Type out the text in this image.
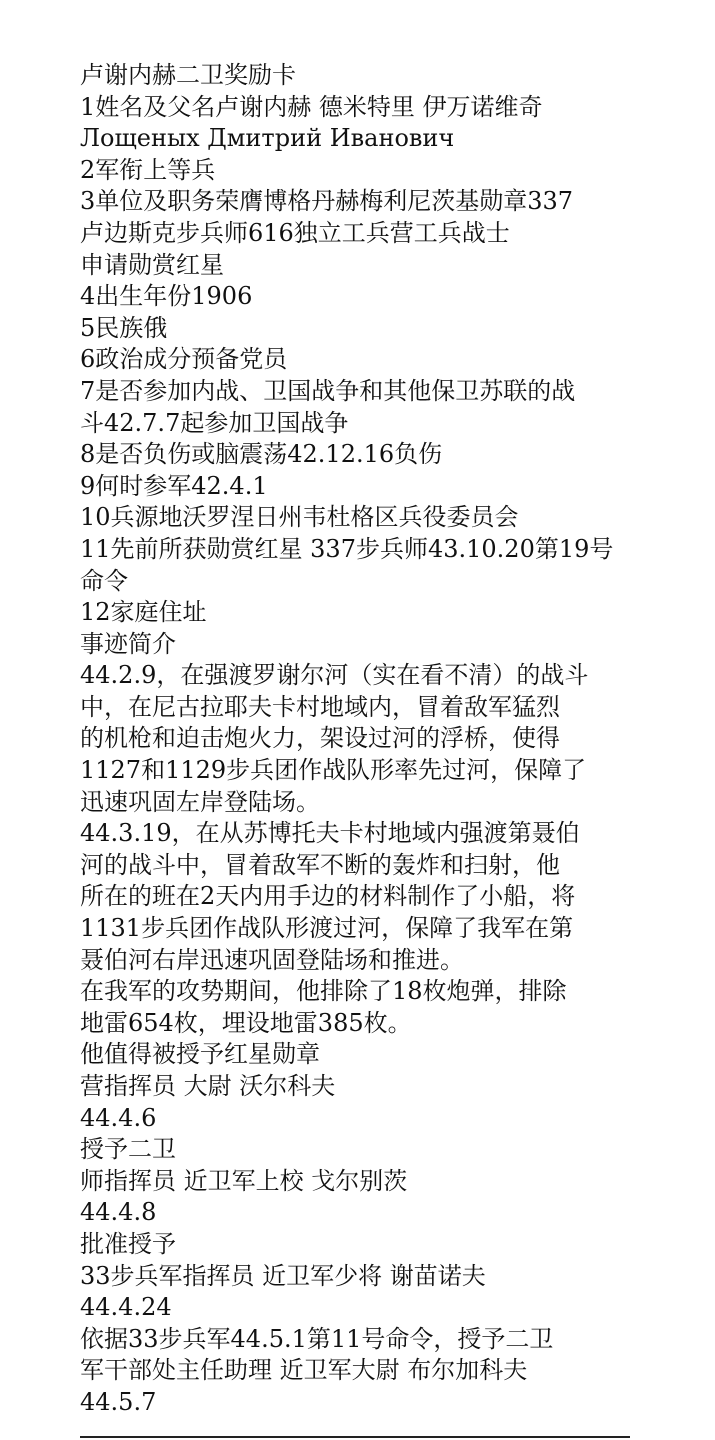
卢谢内赫二卫奖励卡
1姓名及父名卢谢内赫 德米特里 伊万诺维奇
Лощеных Дмитрий Иванович
2军衔上等兵
3单位及职务荣膺博格丹赫梅利尼茨基勋章337
卢边斯克步兵师616独立工兵营工兵战士
申请勋赏红星
4出生年份1906
5民族俄
6政治成分预备党员
7是否参加内战、卫国战争和其他保卫苏联的战
斗42.7.7起参加卫国战争
8是否负伤或脑震荡42.12.16负伤
9何时参军42.4.1
10兵源地沃罗涅日州韦杜格区兵役委员会
11先前所获勋赏红星 337步兵师43.10.20第19号
命令
12家庭住址
事迹简介
44.2.9，在强渡罗谢尔河（实在看不清）的战斗
中，在尼古拉耶夫卡村地域内，冒着敌军猛烈
的机枪和迫击炮火力，架设过河的浮桥，使得
1127和1129步兵团作战队形率先过河，保障了
迅速巩固左岸登陆场。
44.3.19，在从苏博托夫卡村地域内强渡第聂伯
河的战斗中，冒着敌军不断的轰炸和扫射，他
所在的班在2天内用手边的材料制作了小船，将
1131步兵团作战队形渡过河，保障了我军在第
聂伯河右岸迅速巩固登陆场和推进。
在我军的攻势期间，他排除了18枚炮弹，排除
地雷654枚，埋设地雷385枚。
他值得被授予红星勋章
营指挥员 大尉 沃尔科夫
44.4.6
授予二卫
师指挥员 近卫军上校 戈尔别茨
44.4.8
批准授予
33步兵军指挥员 近卫军少将 谢苗诺夫
44.4.24
依据33步兵军44.5.1第11号命令，授予二卫
军干部处主任助理 近卫军大尉 布尔加科夫
44.5.7
